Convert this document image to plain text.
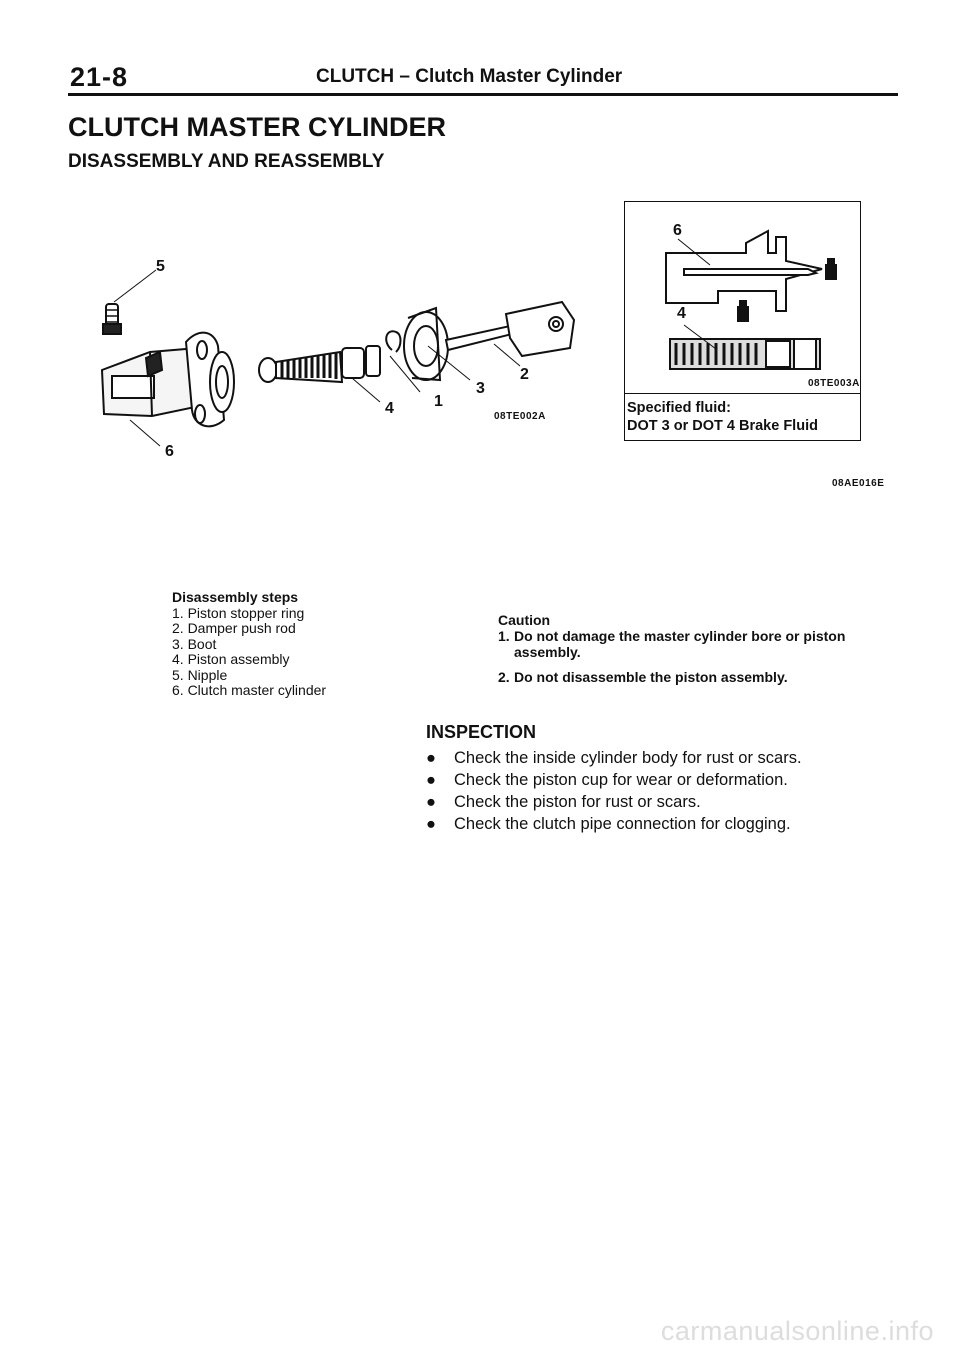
21-8	CLUTCH – Clutch Master Cylinder
CLUTCH MASTER CYLINDER
DISASSEMBLY AND REASSEMBLY
5
6
4	1
3
2
08TE002A
6
4
08TE003A
Specified fluid:
DOT 3 or DOT 4 Brake Fluid
08AE016E
Disassembly steps
1. Piston stopper ring
2. Damper push rod
3. Boot
4. Piston assembly
5. Nipple
6. Clutch master cylinder
Caution
1. Do not damage the master cylinder bore or piston assembly.
2. Do not disassemble the piston assembly.
INSPECTION
●	Check the inside cylinder body for rust or scars.
●	Check the piston cup for wear or deformation.
●	Check the piston for rust or scars.
●	Check the clutch pipe connection for clogging.
carmanualsonline.info
